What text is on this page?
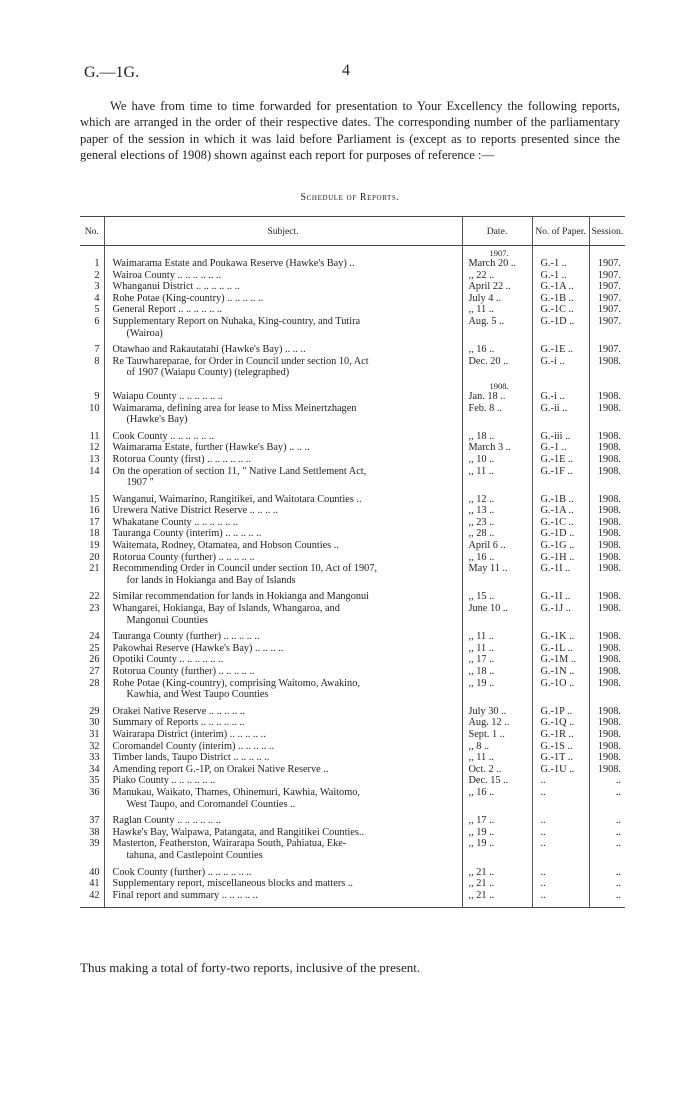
G.—1G.	4

We have from time to time forwarded for presentation to Your Excellency the following reports, which are arranged in the order of their respective dates. The corresponding number of the parliamentary paper of the session in which it was laid before Parliament is (except as to reports presented since the general elections of 1908) shown against each report for purposes of reference :—

Schedule of Reports.
No.	Subject.	Date.	No. of Paper.	Session.
		1907.		
1	Waimarama Estate and Poukawa Reserve (Hawke's Bay) ..	March 20 ..	G.-1 ..	1907.
2	Wairoa County .. .. .. .. .. ..	,, 22 ..	G.-1 ..	1907.
3	Whanganui District .. .. .. .. .. ..	April 22 ..	G.-1A ..	1907.
4	Rohe Potae (King-country) .. .. .. .. ..	July 4 ..	G.-1B ..	1907.
5	General Report .. .. .. .. .. ..	,, 11 ..	G.-1C ..	1907.
6	Supplementary Report on Nuhaka, King-country, and Tutira
(Wairoa)	Aug. 5 ..	G.-1D ..	1907.
7	Otawhao and Rakautatahi (Hawke's Bay) .. .. ..	,, 16 ..	G.-1E ..	1907.
8	Re Tauwhareparae, for Order in Council under section 10, Act
of 1907 (Waiapu County) (telegraphed)	Dec. 20 ..	G.-i ..	1908.
		1908.		
9	Waiapu County .. .. .. .. .. ..	Jan. 18 ..	G.-i ..	1908.
10	Waimarama, defining area for lease to Miss Meinertzhagen
(Hawke's Bay)	Feb. 8 ..	G.-ii ..	1908.
11	Cook County .. .. .. .. .. ..	,, 18 ..	G.-iii ..	1908.
12	Waimarama Estate, further (Hawke's Bay) .. .. ..	March 3 ..	G.-1 ..	1908.
13	Rotorua County (first) .. .. .. .. .. ..	,, 10 ..	G.-1E ..	1908.
14	On the operation of section 11, " Native Land Settlement Act,
1907 "	,, 11 ..	G.-1F ..	1908.
15	Wanganui, Waimarino, Rangitikei, and Waitotara Counties ..	,, 12 ..	G.-1B ..	1908.
16	Urewera Native District Reserve .. .. .. ..	,, 13 ..	G.-1A ..	1908.
17	Whakatane County .. .. .. .. .. ..	,, 23 ..	G.-1C ..	1908.
18	Tauranga County (interim) .. .. .. .. ..	,, 28 ..	G.-1D ..	1908.
19	Waitemata, Rodney, Otamatea, and Hobson Counties ..	April 6 ..	G.-1G ..	1908.
20	Rotorua County (further) .. .. .. .. ..	,, 16 ..	G.-1H ..	1908.
21	Recommending Order in Council under section 10, Act of 1907,
for lands in Hokianga and Bay of Islands	May 11 ..	G.-1I ..	1908.
22	Similar recommendation for lands in Hokianga and Mangonui	,, 15 ..	G.-1I ..	1908.
23	Whangarei, Hokianga, Bay of Islands, Whangaroa, and
Mangonui Counties	June 10 ..	G.-1J ..	1908.
24	Tauranga County (further) .. .. .. .. ..	,, 11 ..	G.-1K ..	1908.
25	Pakowhai Reserve (Hawke's Bay) .. .. .. ..	,, 11 ..	G.-1L ..	1908.
26	Opotiki County .. .. .. .. .. ..	,, 17 ..	G.-1M ..	1908.
27	Rotorua County (further) .. .. .. .. ..	,, 18 ..	G.-1N ..	1908.
28	Rohe Potae (King-country), comprising Waitomo, Awakino,
Kawhia, and West Taupo Counties	,, 19 ..	G.-1O ..	1908.
29	Orakei Native Reserve .. .. .. .. ..	July 30 ..	G.-1P ..	1908.
30	Summary of Reports .. .. .. .. .. ..	Aug. 12 ..	G.-1Q ..	1908.
31	Wairarapa District (interim) .. .. .. .. ..	Sept. 1 ..	G.-1R ..	1908.
32	Coromandel County (interim) .. .. .. .. ..	,, 8 ..	G.-1S ..	1908.
33	Timber lands, Taupo District .. .. .. .. ..	,, 11 ..	G.-1T ..	1908.
34	Amending report G.-1P, on Orakei Native Reserve ..	Oct. 2 ..	G.-1U ..	1908.
35	Piako County .. .. .. .. .. ..	Dec. 15 ..	..	..
36	Manukau, Waikato, Thames, Ohinemuri, Kawhia, Waitomo,
West Taupo, and Coromandel Counties ..	,, 16 ..	..	..
37	Raglan County .. .. .. .. .. ..	,, 17 ..	..	..
38	Hawke's Bay, Waipawa, Patangata, and Rangitikei Counties..	,, 19 ..	..	..
39	Masterton, Featherston, Wairarapa South, Pahiatua, Eke-
tahuna, and Castlepoint Counties	,, 19 ..	..	..
40	Cook County (further) .. .. .. .. .. ..	,, 21 ..	..	..
41	Supplementary report, miscellaneous blocks and matters ..	,, 21 ..	..	..
42	Final report and summary .. .. .. .. ..	,, 21 ..	..	..

Thus making a total of forty-two reports, inclusive of the present.
